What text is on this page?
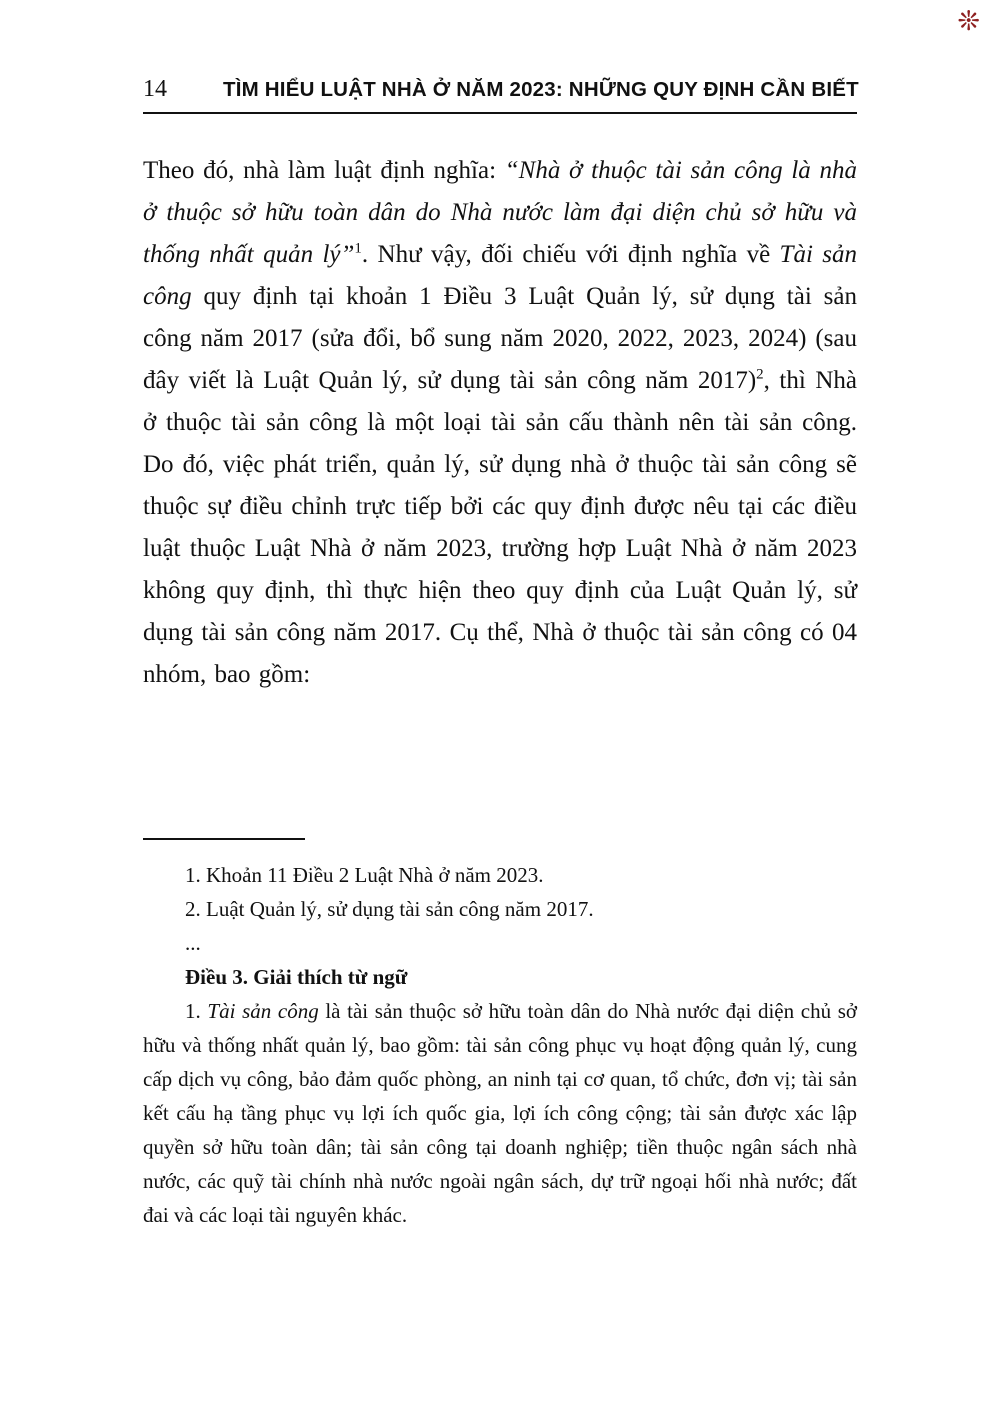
❊
14	TÌM HIỂU LUẬT NHÀ Ở NĂM 2023: NHỮNG QUY ĐỊNH CẦN BIẾT

Theo đó, nhà làm luật định nghĩa: “Nhà ở thuộc tài sản công là nhà ở thuộc sở hữu toàn dân do Nhà nước làm đại diện chủ sở hữu và thống nhất quản lý”$^1$. Như vậy, đối chiếu với định nghĩa về Tài sản công quy định tại khoản 1 Điều 3 Luật Quản lý, sử dụng tài sản công năm 2017 (sửa đổi, bổ sung năm 2020, 2022, 2023, 2024) (sau đây viết là Luật Quản lý, sử dụng tài sản công năm 2017)$^2$, thì Nhà ở thuộc tài sản công là một loại tài sản cấu thành nên tài sản công. Do đó, việc phát triển, quản lý, sử dụng nhà ở thuộc tài sản công sẽ thuộc sự điều chỉnh trực tiếp bởi các quy định được nêu tại các điều luật thuộc Luật Nhà ở năm 2023, trường hợp Luật Nhà ở năm 2023 không quy định, thì thực hiện theo quy định của Luật Quản lý, sử dụng tài sản công năm 2017. Cụ thể, Nhà ở thuộc tài sản công có 04 nhóm, bao gồm:

1. Khoản 11 Điều 2 Luật Nhà ở năm 2023.

2. Luật Quản lý, sử dụng tài sản công năm 2017.

...

Điều 3. Giải thích từ ngữ

1. Tài sản công là tài sản thuộc sở hữu toàn dân do Nhà nước đại diện chủ sở hữu và thống nhất quản lý, bao gồm: tài sản công phục vụ hoạt động quản lý, cung cấp dịch vụ công, bảo đảm quốc phòng, an ninh tại cơ quan, tổ chức, đơn vị; tài sản kết cấu hạ tầng phục vụ lợi ích quốc gia, lợi ích công cộng; tài sản được xác lập quyền sở hữu toàn dân; tài sản công tại doanh nghiệp; tiền thuộc ngân sách nhà nước, các quỹ tài chính nhà nước ngoài ngân sách, dự trữ ngoại hối nhà nước; đất đai và các loại tài nguyên khác.
